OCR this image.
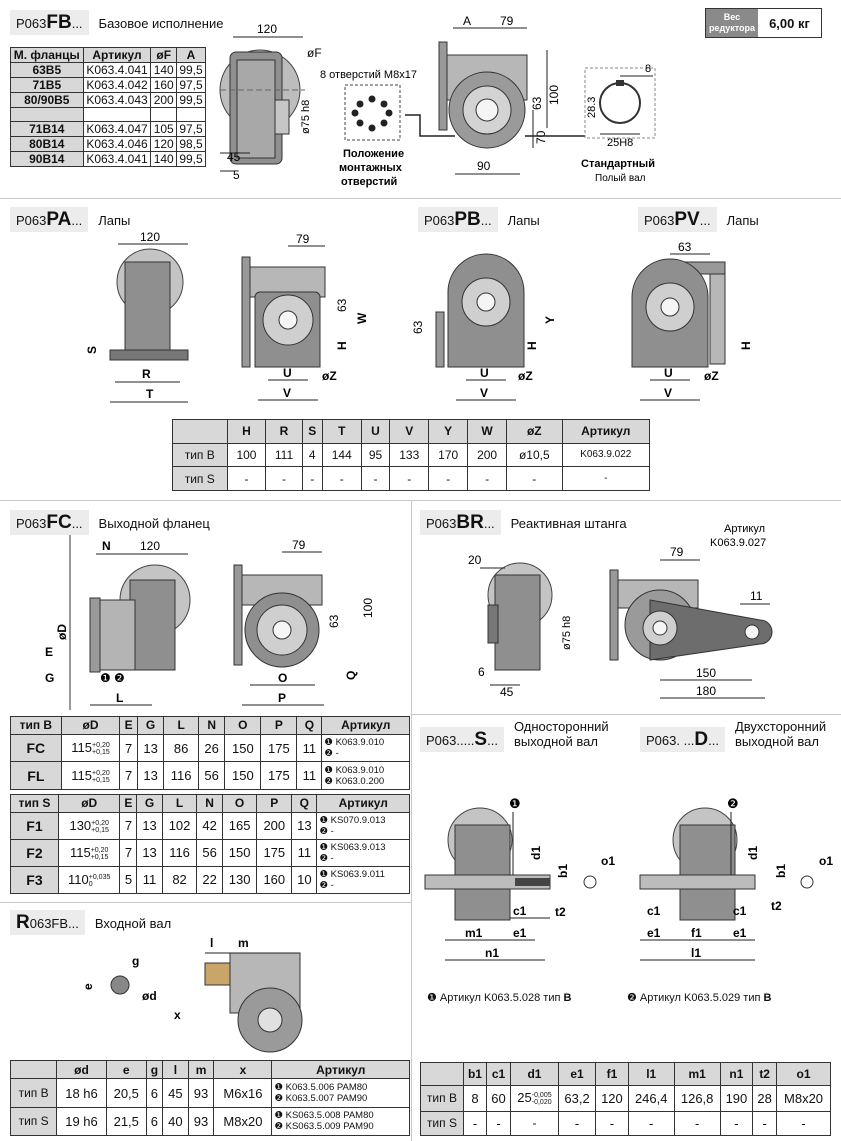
Вес
редуктора	6,00 кг
P063FB...	Базовое исполнение
М. фланцы	Артикул	øF	A
63B5	K063.4.041	140	99,5
71B5	K063.4.042	160	97,5
80/90B5	K063.4.043	200	99,5

71B14	K063.4.047	105	97,5
80B14	K063.4.046	120	98,5
90B14	K063.4.041	140	99,5
120
øF
ø75 h8
45
5
8 отверстий М8х17
Положение
монтажных
отверстий
A 79
100
63
70
90
8
28.3
25H8
Стандартный
Полый вал
P063PA...	Лапы	P063PB...	Лапы	P063PV...	Лапы
120
S
R
T
79
63
H
W
U
V
øZ
63
H
Y
U
V
øZ
63
H
U
V
øZ
	H	R	S	T	U	V	Y	W	øZ	Артикул
тип B	100	111	4	144	95	133	170	200	ø10,5	K063.9.022
тип S	-	-	-	-	-	-	-	-	-	-
P063FC...	Выходной фланец
N 120
øD
E
G	❶ ❷
L
79
100
63
O
P
Q
тип B	øD	E	G	L	N	O	P	Q	Артикул
FC	115+0,20
+0,15	7	13	86	26	150	175	11	❶ K063.9.010
❷ -
FL	115+0,20
+0,15	7	13	116	56	150	175	11	❶ K063.9.010
❷ K063.0.200
тип S	øD	E	G	L	N	O	P	Q	Артикул
F1	130+0,20
+0,15	7	13	102	42	165	200	13	❶ KS070.9.013
❷ -
F2	115+0,20
+0,15	7	13	116	56	150	175	11	❶ KS063.9.013
❷ -
F3	110+0,035
0	5	11	82	22	130	160	10	❶ KS063.9.011
❷ -
P063BR...	Реактивная штанга
20
ø75 h8
6
45
Артикул
K063.9.027
79
11
150
180
P063.....S...
Односторонний
выходной вал	P063. ...D...
Двухсторонний
выходной вал
❶
d1
b1
o1
t2
c1
m1	e1
n1
❷
d1
b1
o1
t2
c1	c1
e1	f1	e1
l1
❶ Артикул K063.5.028 тип B	❷ Артикул K063.5.029 тип B
R063FB...	Входной вал
g
e
ød
l m
x
	ød	e	g	l	m	x	Артикул
тип B	18 h6	20,5	6	45	93	M6x16	❶ K063.5.006 PAM80
❷ K063.5.007 PAM90
тип S	19 h6	21,5	6	40	93	M8x20	❶ KS063.5.008 PAM80
❷ KS063.5.009 PAM90
	b1	c1	d1	e1	f1	l1	m1	n1	t2	o1
тип B	8	60	25-0,005
-0,020	63,2	120	246,4	126,8	190	28	M8x20
тип S	-	-	-	-	-	-	-	-	-	-
